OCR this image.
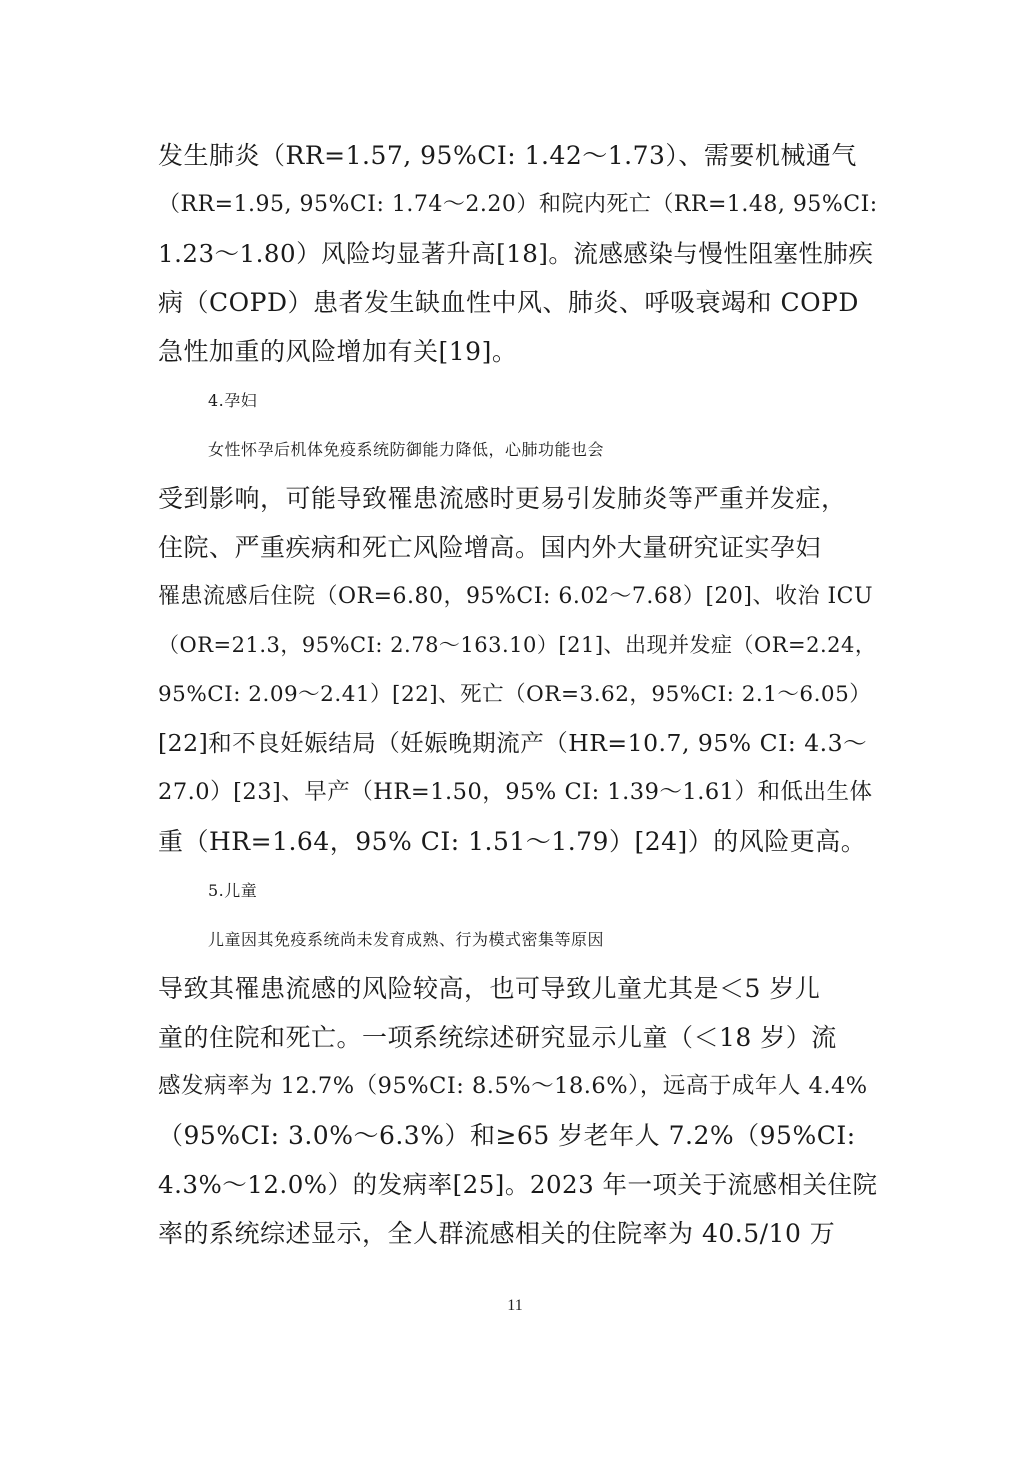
发生肺炎（RR=1.57, 95%CI: 1.42～1.73）、需要机械通气
（RR=1.95, 95%CI: 1.74～2.20）和院内死亡（RR=1.48, 95%CI:
1.23～1.80）风险均显著升高[18]。流感感染与慢性阻塞性肺疾
病（COPD）患者发生缺血性中风、肺炎、呼吸衰竭和 COPD
急性加重的风险增加有关[19]。
4.孕妇
女性怀孕后机体免疫系统防御能力降低，心肺功能也会
受到影响，可能导致罹患流感时更易引发肺炎等严重并发症，
住院、严重疾病和死亡风险增高。国内外大量研究证实孕妇
罹患流感后住院（OR=6.80，95%CI: 6.02～7.68）[20]、收治 ICU
（OR=21.3，95%CI: 2.78～163.10）[21]、出现并发症（OR=2.24，
95%CI: 2.09～2.41）[22]、死亡（OR=3.62，95%CI: 2.1～6.05）
[22]和不良妊娠结局（妊娠晚期流产（HR=10.7, 95% CI: 4.3～
27.0）[23]、早产（HR=1.50，95% CI: 1.39～1.61）和低出生体
重（HR=1.64，95% CI: 1.51～1.79）[24]）的风险更高。
5.儿童
儿童因其免疫系统尚未发育成熟、行为模式密集等原因
导致其罹患流感的风险较高，也可导致儿童尤其是＜5 岁儿
童的住院和死亡。一项系统综述研究显示儿童（＜18 岁）流
感发病率为 12.7%（95%CI: 8.5%～18.6%），远高于成年人 4.4%
（95%CI: 3.0%～6.3%）和≥65 岁老年人 7.2%（95%CI:
4.3%～12.0%）的发病率[25]。2023 年一项关于流感相关住院
率的系统综述显示，全人群流感相关的住院率为 40.5/10 万
11
